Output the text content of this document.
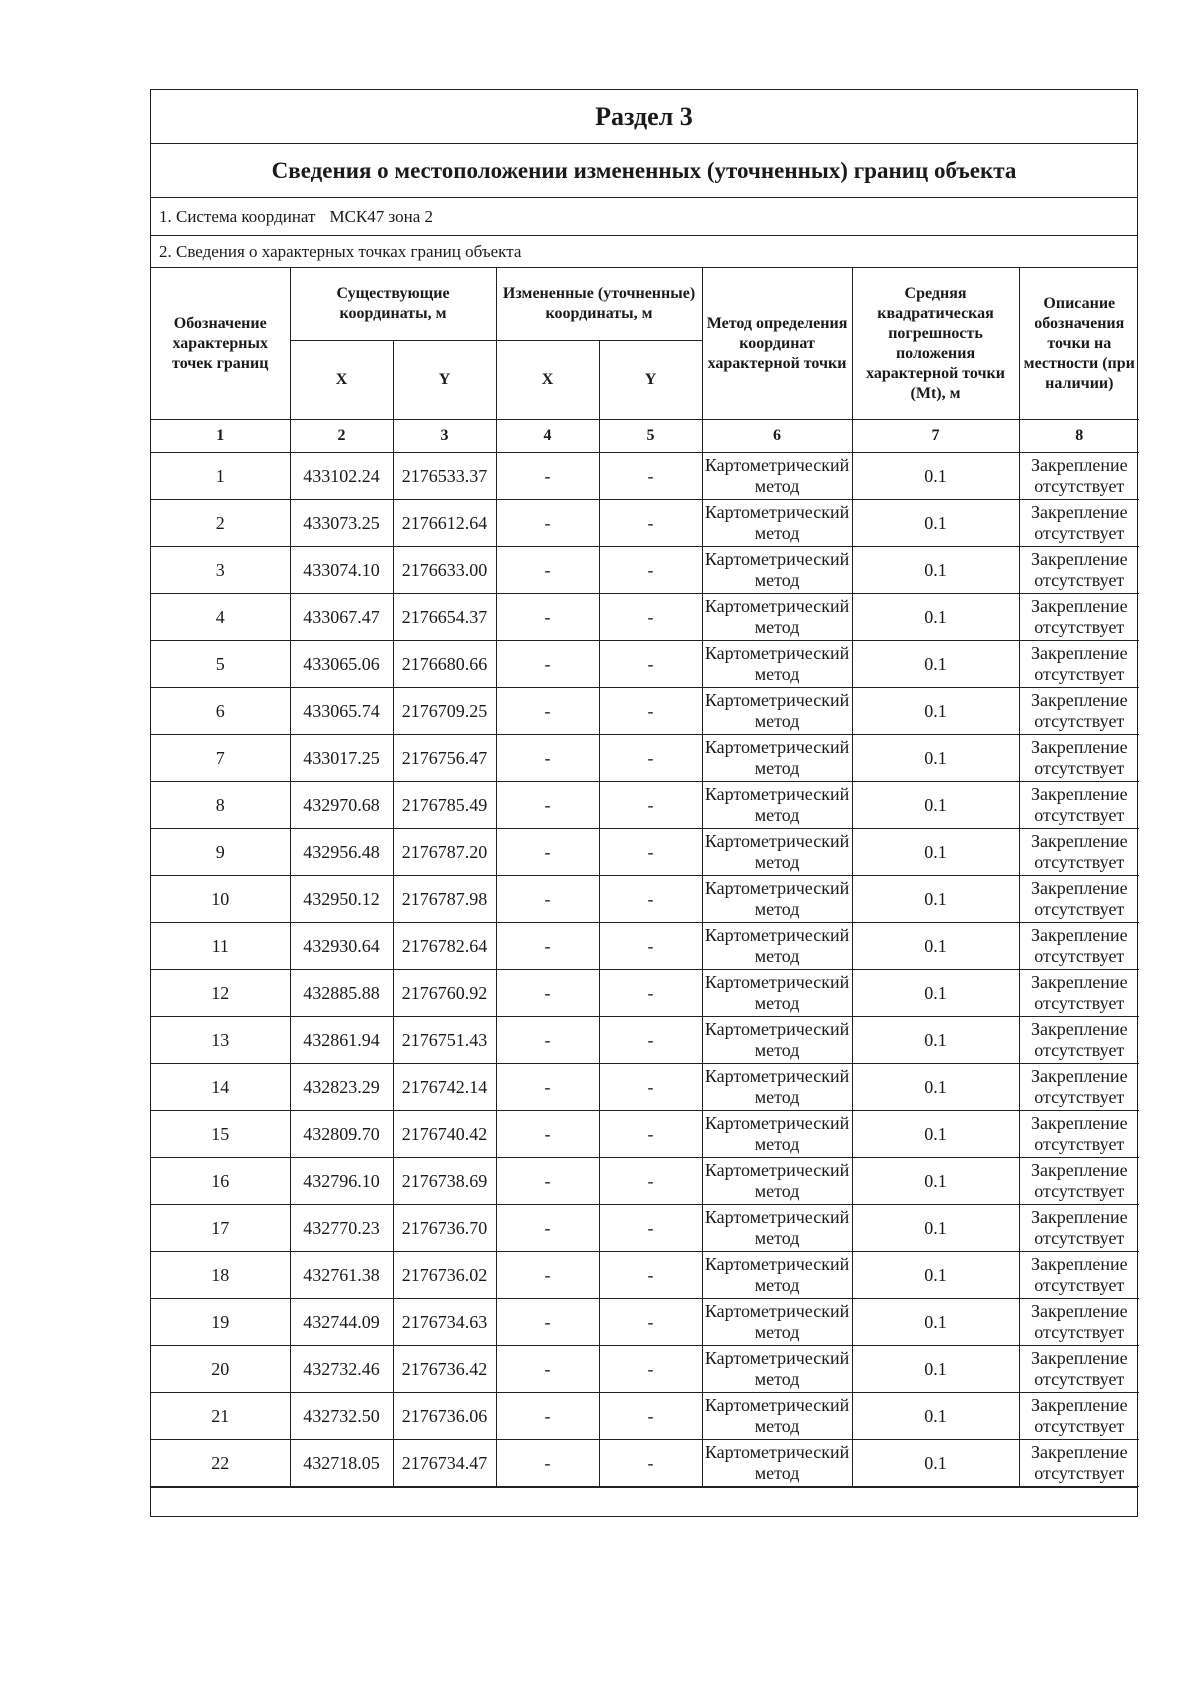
Раздел 3
Сведения о местоположении измененных (уточненных) границ объекта
1. Система координат МСК47 зона 2
2. Сведения о характерных точках границ объекта
Обозначение характерных точек границ	Существующие координаты, м		Измененные (уточненные) координаты, м		Метод определения координат характерной точки	Средняя квадратическая погрешность положения характерной точки (Mt), м	Описание обозначения точки на местности (при наличии)
	X	Y	X	Y			
1	2	3	4	5	6	7	8
1	433102.24	2176533.37	-	-	Картометрический метод	0.1	Закрепление отсутствует
2	433073.25	2176612.64	-	-	Картометрический метод	0.1	Закрепление отсутствует
3	433074.10	2176633.00	-	-	Картометрический метод	0.1	Закрепление отсутствует
4	433067.47	2176654.37	-	-	Картометрический метод	0.1	Закрепление отсутствует
5	433065.06	2176680.66	-	-	Картометрический метод	0.1	Закрепление отсутствует
6	433065.74	2176709.25	-	-	Картометрический метод	0.1	Закрепление отсутствует
7	433017.25	2176756.47	-	-	Картометрический метод	0.1	Закрепление отсутствует
8	432970.68	2176785.49	-	-	Картометрический метод	0.1	Закрепление отсутствует
9	432956.48	2176787.20	-	-	Картометрический метод	0.1	Закрепление отсутствует
10	432950.12	2176787.98	-	-	Картометрический метод	0.1	Закрепление отсутствует
11	432930.64	2176782.64	-	-	Картометрический метод	0.1	Закрепление отсутствует
12	432885.88	2176760.92	-	-	Картометрический метод	0.1	Закрепление отсутствует
13	432861.94	2176751.43	-	-	Картометрический метод	0.1	Закрепление отсутствует
14	432823.29	2176742.14	-	-	Картометрический метод	0.1	Закрепление отсутствует
15	432809.70	2176740.42	-	-	Картометрический метод	0.1	Закрепление отсутствует
16	432796.10	2176738.69	-	-	Картометрический метод	0.1	Закрепление отсутствует
17	432770.23	2176736.70	-	-	Картометрический метод	0.1	Закрепление отсутствует
18	432761.38	2176736.02	-	-	Картометрический метод	0.1	Закрепление отсутствует
19	432744.09	2176734.63	-	-	Картометрический метод	0.1	Закрепление отсутствует
20	432732.46	2176736.42	-	-	Картометрический метод	0.1	Закрепление отсутствует
21	432732.50	2176736.06	-	-	Картометрический метод	0.1	Закрепление отсутствует
22	432718.05	2176734.47	-	-	Картометрический метод	0.1	Закрепление отсутствует
